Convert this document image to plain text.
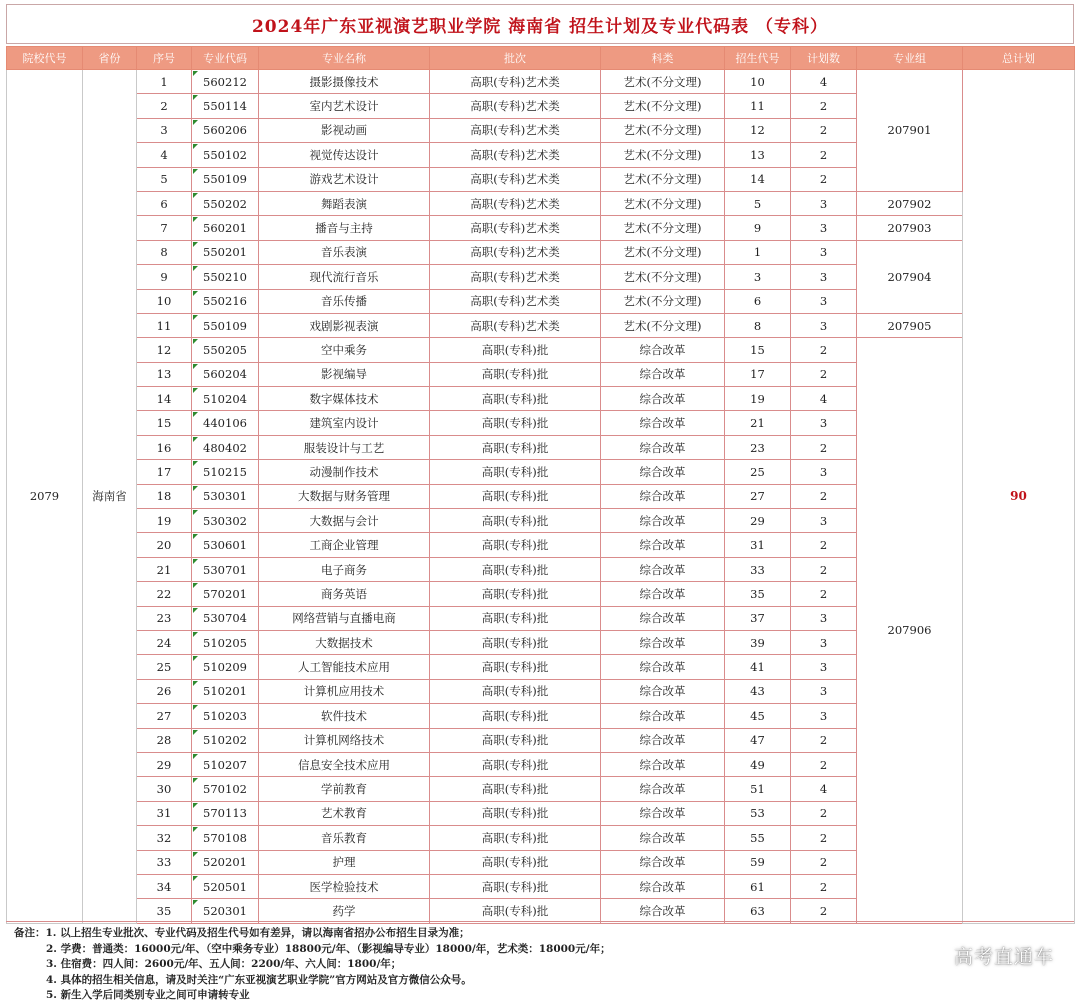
2024年广东亚视演艺职业学院 海南省 招生计划及专业代码表 （专科）
院校代号	省份	序号	专业代码	专业名称	批次	科类	招生代号	计划数	专业组	总计划
2079	海南省	1	560212	摄影摄像技术	高职(专科)艺术类	艺术(不分文理)	10	4	207901	90
		2	550114	室内艺术设计	高职(专科)艺术类	艺术(不分文理)	11	2		
		3	560206	影视动画	高职(专科)艺术类	艺术(不分文理)	12	2		
		4	550102	视觉传达设计	高职(专科)艺术类	艺术(不分文理)	13	2		
		5	550109	游戏艺术设计	高职(专科)艺术类	艺术(不分文理)	14	2		
		6	550202	舞蹈表演	高职(专科)艺术类	艺术(不分文理)	5	3	207902	
		7	560201	播音与主持	高职(专科)艺术类	艺术(不分文理)	9	3	207903	
		8	550201	音乐表演	高职(专科)艺术类	艺术(不分文理)	1	3	207904	
		9	550210	现代流行音乐	高职(专科)艺术类	艺术(不分文理)	3	3		
		10	550216	音乐传播	高职(专科)艺术类	艺术(不分文理)	6	3		
		11	550109	戏剧影视表演	高职(专科)艺术类	艺术(不分文理)	8	3	207905	
		12	550205	空中乘务	高职(专科)批	综合改革	15	2	207906	
		13	560204	影视编导	高职(专科)批	综合改革	17	2		
		14	510204	数字媒体技术	高职(专科)批	综合改革	19	4		
		15	440106	建筑室内设计	高职(专科)批	综合改革	21	3		
		16	480402	服装设计与工艺	高职(专科)批	综合改革	23	2		
		17	510215	动漫制作技术	高职(专科)批	综合改革	25	3		
		18	530301	大数据与财务管理	高职(专科)批	综合改革	27	2		
		19	530302	大数据与会计	高职(专科)批	综合改革	29	3		
		20	530601	工商企业管理	高职(专科)批	综合改革	31	2		
		21	530701	电子商务	高职(专科)批	综合改革	33	2		
		22	570201	商务英语	高职(专科)批	综合改革	35	2		
		23	530704	网络营销与直播电商	高职(专科)批	综合改革	37	3		
		24	510205	大数据技术	高职(专科)批	综合改革	39	3		
		25	510209	人工智能技术应用	高职(专科)批	综合改革	41	3		
		26	510201	计算机应用技术	高职(专科)批	综合改革	43	3		
		27	510203	软件技术	高职(专科)批	综合改革	45	3		
		28	510202	计算机网络技术	高职(专科)批	综合改革	47	2		
		29	510207	信息安全技术应用	高职(专科)批	综合改革	49	2		
		30	570102	学前教育	高职(专科)批	综合改革	51	4		
		31	570113	艺术教育	高职(专科)批	综合改革	53	2		
		32	570108	音乐教育	高职(专科)批	综合改革	55	2		
		33	520201	护理	高职(专科)批	综合改革	59	2		
		34	520501	医学检验技术	高职(专科)批	综合改革	61	2		
		35	520301	药学	高职(专科)批	综合改革	63	2		
备注：1. 以上招生专业批次、专业代码及招生代号如有差异，请以海南省招办公布招生目录为准；
2. 学费：普通类：16000元/年、（空中乘务专业）18800元/年、（影视编导专业）18000/年，艺术类：18000元/年；
3. 住宿费：四人间：2600元/年、五人间：2200/年、六人间：1800/年；
4. 具体的招生相关信息，请及时关注“广东亚视演艺职业学院”官方网站及官方微信公众号。
5. 新生入学后同类别专业之间可申请转专业
高考直通车
